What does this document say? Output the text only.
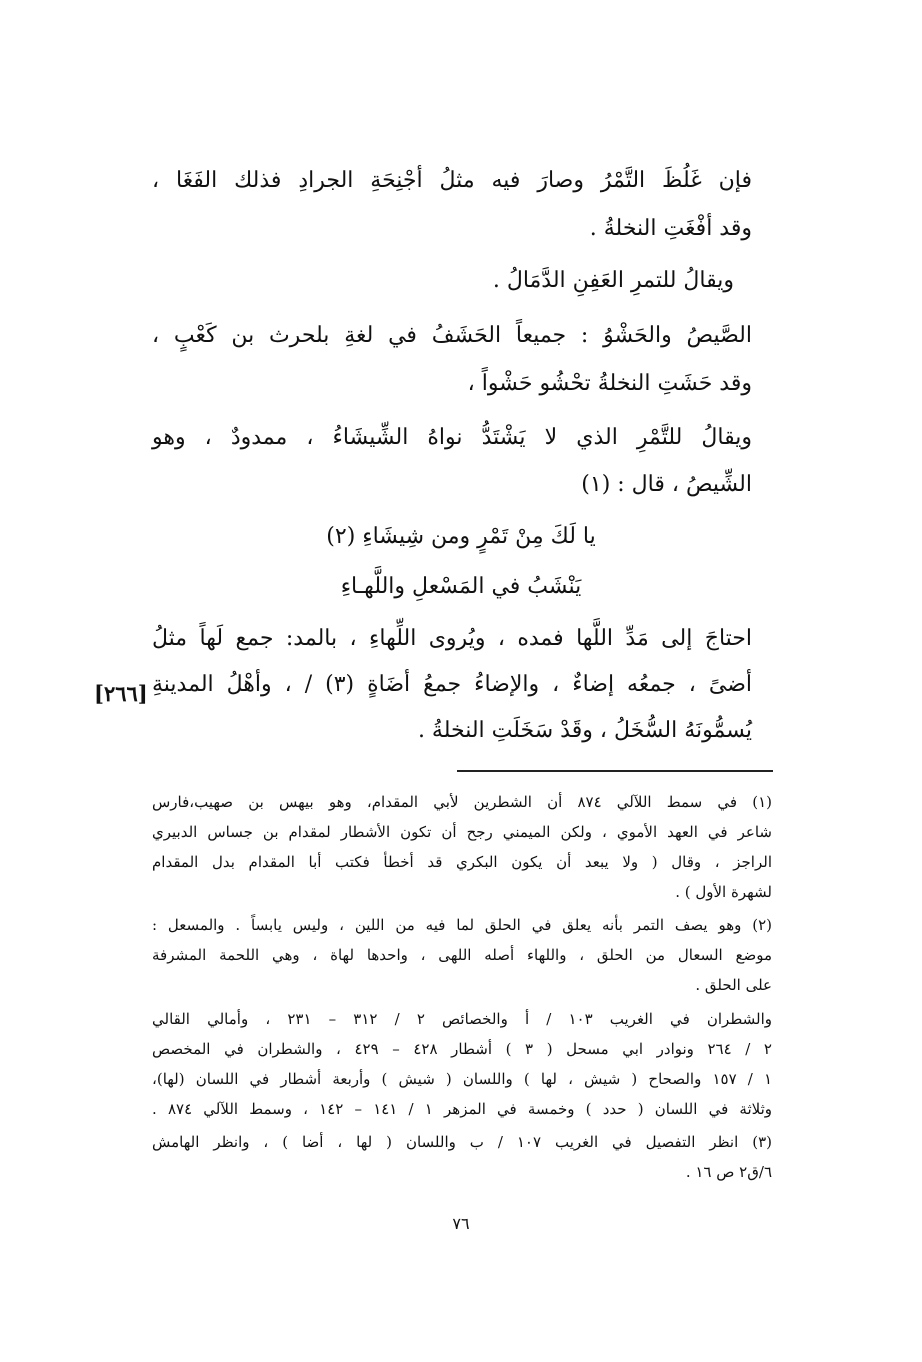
فإن غَلُظَ التَّمْرُ وصارَ فيه مثلُ أجْنِحَةِ الجرادِ فذلك الفَغَا ،
وقد أفْغَتِ النخلةُ .
ويقالُ للتمرِ العَفِنِ الدَّمَالُ .
الصَّيصُ والحَشْوُ : جميعاً الحَشَفُ في لغةِ بلحرث بن كَعْبٍ ،
وقد حَشَتِ النخلةُ تحْشُو حَشْواً ،
ويقالُ للتَّمْرِ الذي لا يَشْتَدُّ نواهُ الشِّيشَاءُ ، ممدودٌ ، وهو
الشِّيصُ ، قال : (١)
يا لَكَ مِنْ تَمْرٍ ومن شِيشَاءِ (٢)
يَنْشَبُ في المَسْعلِ واللَّهـاءِ
احتاجَ إلى مَدِّ اللَّها فمده ، ويُروى اللِّهاءِ ، بالمد: جمع لَهاً مثلُ
أضىً ، جمعُه إضاءٌ ، والإضاءُ جمعُ أضَاةٍ (٣) / ، وأهْلُ المدينةِ
يُسمُّونَهُ السُّخَلُ ، وقَدْ سَخَلَتِ النخلةُ .
[٢٦٦]
(١) في سمط اللآلي ٨٧٤ أن الشطرين لأبي المقدام، وهو بيهس بن صهيب،فارس
شاعر في العهد الأموي ، ولكن الميمني رجح أن تكون الأشطار لمقدام بن جساس الدبيري
الراجز ، وقال ( ولا يبعد أن يكون البكري قد أخطأ فكتب أبا المقدام بدل المقدام
لشهرة الأول ) .
(٢) وهو يصف التمر بأنه يعلق في الحلق لما فيه من اللين ، وليس يابساً . والمسعل :
موضع السعال من الحلق ، واللهاء أصله اللهى ، واحدها لهاة ، وهي اللحمة المشرفة
على الحلق .
والشطران في الغريب ١٠٣ / أ والخصائص ٢ / ٣١٢ – ٢٣١ ، وأمالي القالي
٢ / ٢٦٤ ونوادر ابي مسحل ( ٣ ) أشطار ٤٢٨ – ٤٢٩ ، والشطران في المخصص
١ / ١٥٧ والصحاح ( شيش ، لها ) واللسان ( شيش ) وأربعة أشطار في اللسان (لها)،
وثلاثة في اللسان ( حدد ) وخمسة في المزهر ١ / ١٤١ – ١٤٢ ، وسمط اللآلي ٨٧٤ .
(٣) انظر التفصيل في الغريب ١٠٧ / ب واللسان ( لها ، أضا ) ، وانظر الهامش
٦/ق٢ ص ١٦ .
٧٦
